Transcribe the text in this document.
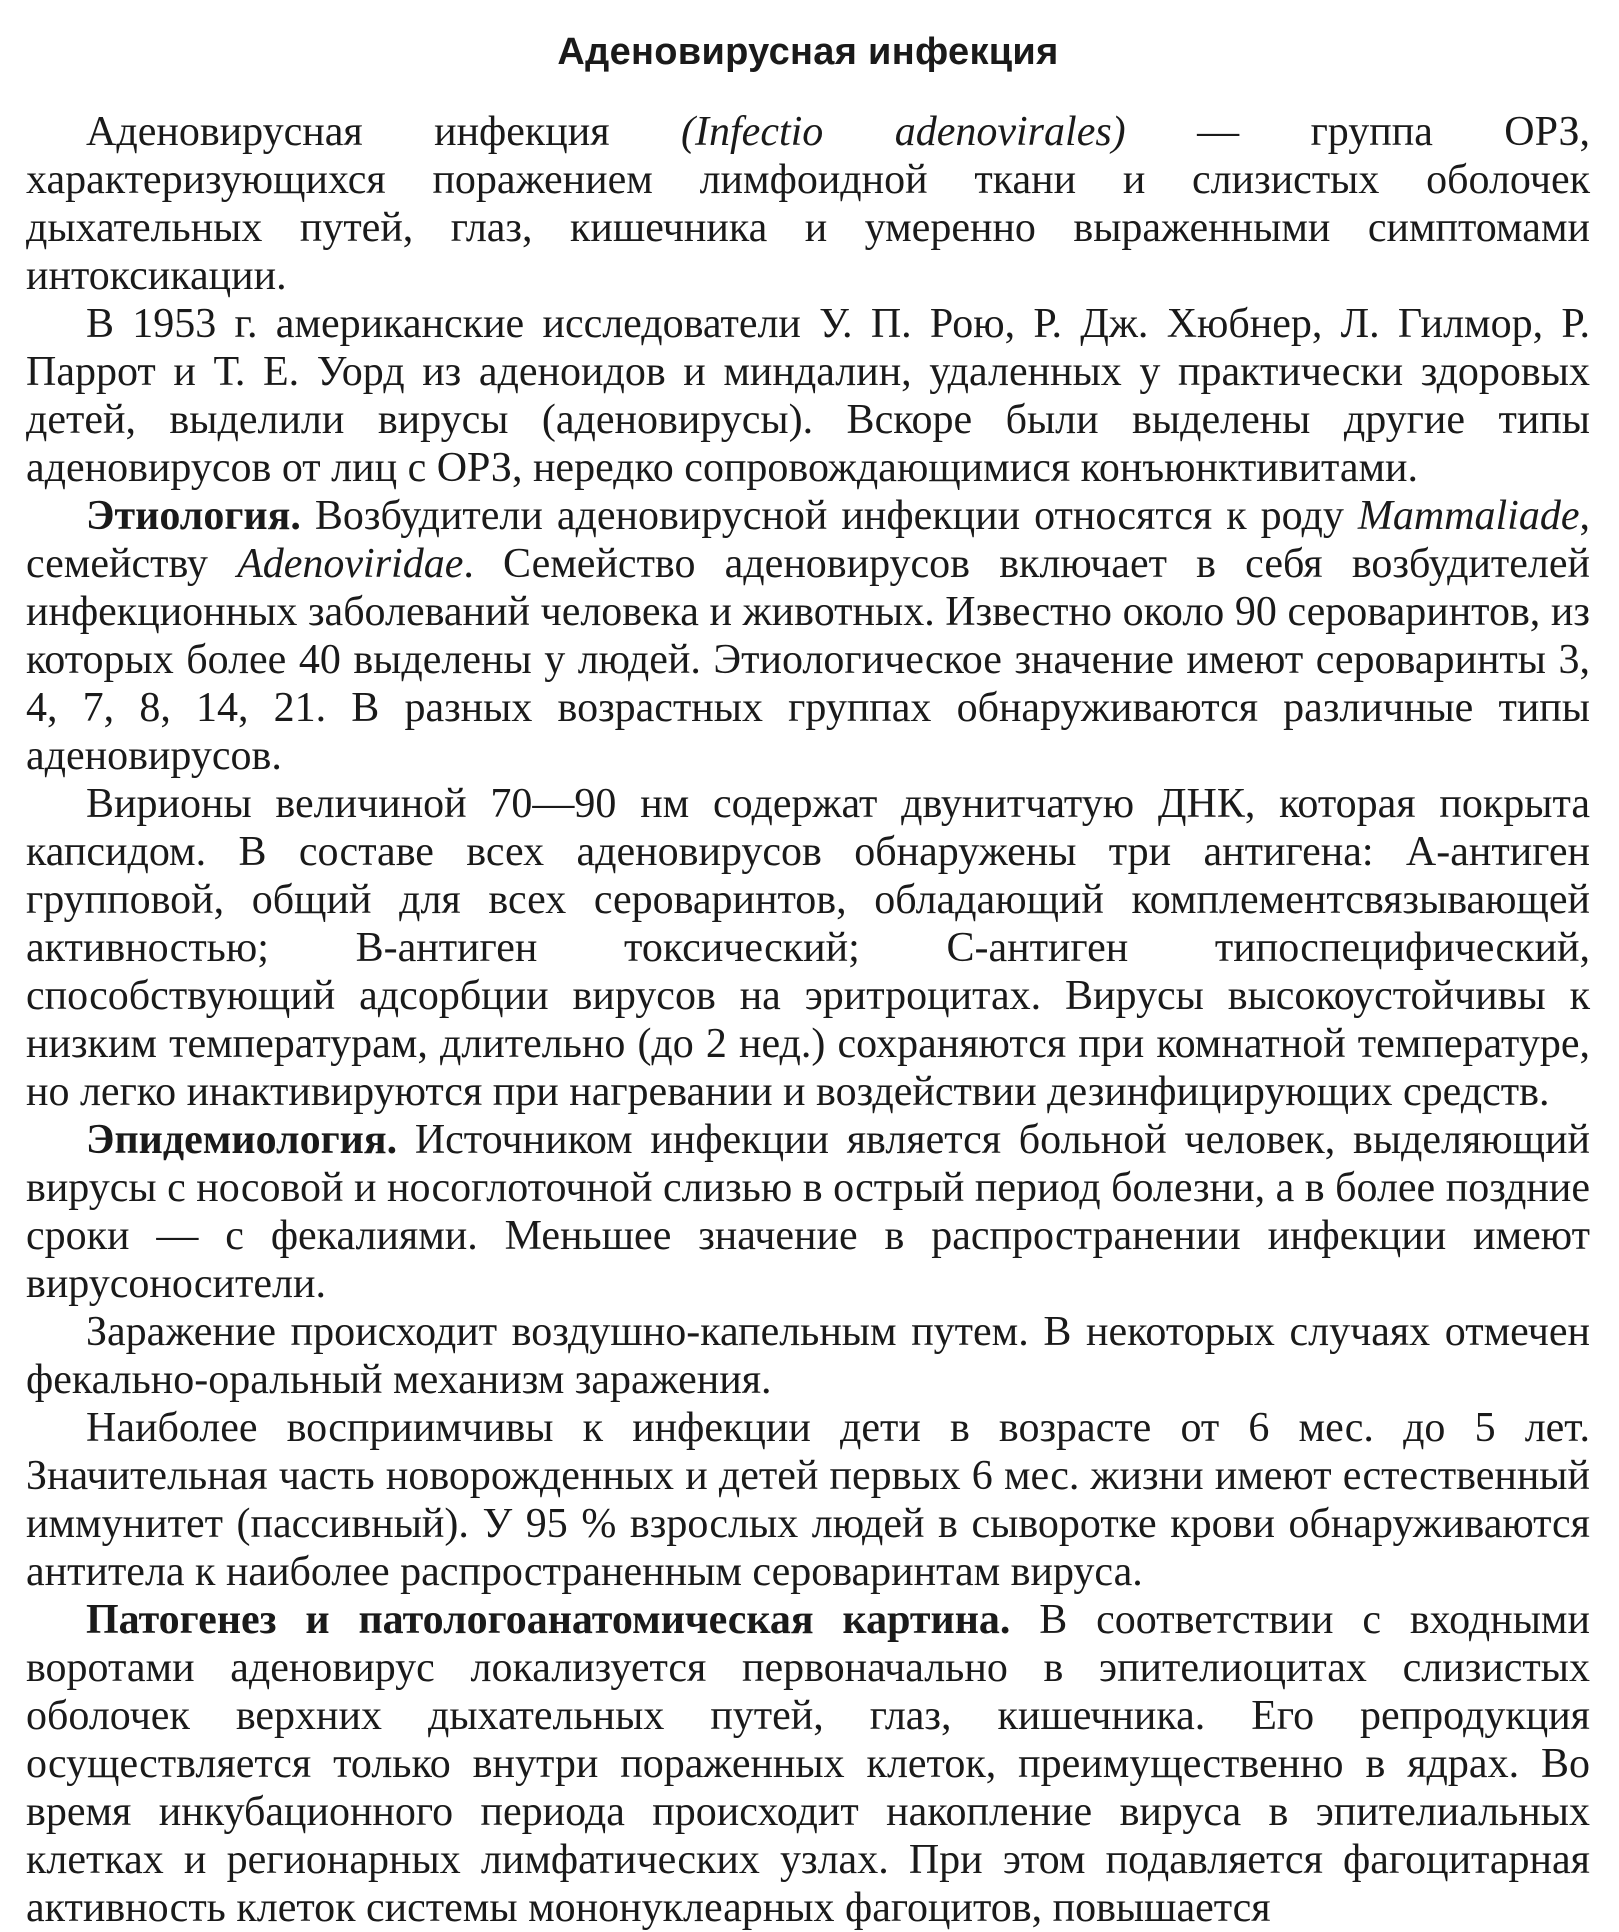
Аденовирусная инфекция

Аденовирусная инфекция (Infectio adenovirales) — группа ОРЗ, характеризующихся поражением лимфоидной ткани и слизистых оболочек дыхательных путей, глаз, кишечника и умеренно выраженными симптомами интоксикации.

В 1953 г. американские исследователи У. П. Рою, Р. Дж. Хюбнер, Л. Гилмор, Р. Паррот и Т. Е. Уорд из аденоидов и миндалин, удаленных у практически здоровых детей, выделили вирусы (аденовирусы). Вскоре были выделены другие типы аденовирусов от лиц с ОРЗ, нередко сопровождающимися конъюнктивитами.

Этиология. Возбудители аденовирусной инфекции относятся к роду Mammaliade, семейству Adenoviridae. Семейство аденовирусов включает в себя возбудителей инфекционных заболеваний человека и животных. Известно около 90 сероваринтов, из которых более 40 выделены у людей. Этиологическое значение имеют сероваринты 3, 4, 7, 8, 14, 21. В разных возрастных группах обнаруживаются различные типы аденовирусов.

Вирионы величиной 70—90 нм содержат двунитчатую ДНК, которая покрыта капсидом. В составе всех аденовирусов обнаружены три антигена: А-антиген групповой, общий для всех сероваринтов, обладающий комплементсвязывающей активностью; В-антиген токсический; С-антиген типоспецифический, способствующий адсорбции вирусов на эритроцитах. Вирусы высокоустойчивы к низким температурам, длительно (до 2 нед.) сохраняются при комнатной температуре, но легко инактивируются при нагревании и воздействии дезинфицирующих средств.

Эпидемиология. Источником инфекции является больной человек, выделяющий вирусы с носовой и носоглоточной слизью в острый период болезни, а в более поздние сроки — с фекалиями. Меньшее значение в распространении инфекции имеют вирусоносители.

Заражение происходит воздушно-капельным путем. В некоторых случаях отмечен фекально-оральный механизм заражения.

Наиболее восприимчивы к инфекции дети в возрасте от 6 мес. до 5 лет. Значительная часть новорожденных и детей первых 6 мес. жизни имеют естественный иммунитет (пассивный). У 95 % взрослых людей в сыворотке крови обнаруживаются антитела к наиболее распространенным сероваринтам вируса.

Патогенез и патологоанатомическая картина. В соответствии с входными воротами аденовирус локализуется первоначально в эпителиоцитах слизистых оболочек верхних дыхательных путей, глаз, кишечника. Его репродукция осуществляется только внутри пораженных клеток, преимущественно в ядрах. Во время инкубационного периода происходит накопление вируса в эпителиальных клетках и регионарных лимфатических узлах. При этом подавляется фагоцитарная активность клеток системы мононуклеарных фагоцитов, повышается
